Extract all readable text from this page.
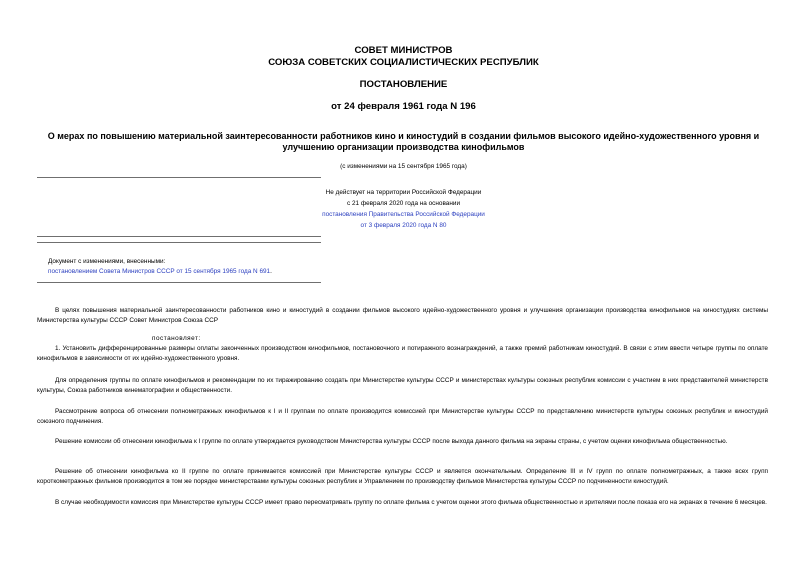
СОВЕТ МИНИСТРОВ
СОЮЗА СОВЕТСКИХ СОЦИАЛИСТИЧЕСКИХ РЕСПУБЛИК
ПОСТАНОВЛЕНИЕ
от 24 февраля 1961 года N 196
О мерах по повышению материальной заинтересованности работников кино и киностудий в создании фильмов высокого идейно-художественного уровня и
улучшению организации производства кинофильмов
(с изменениями на 15 сентября 1965 года)
Не действует на территории Российской Федерации
с 21 февраля 2020 года на основании
постановления Правительства Российской Федерации
от 3 февраля 2020 года N 80
Документ с изменениями, внесенными:
постановлением Совета Министров СССР от 15 сентября 1965 года N 691.
В целях повышения материальной заинтересованности работников кино и киностудий в создании фильмов высокого идейно-художественного уровня и улучшения организации производства кинофильмов на киностудиях системы Министерства культуры СССР Совет Министров Союза ССР
постановляет:
1. Установить дифференцированные размеры оплаты законченных производством кинофильмов, постановочного и потиражного вознаграждений, а также премий работникам киностудий. В связи с этим ввести четыре группы по оплате кинофильмов в зависимости от их идейно-художественного уровня.
Для определения группы по оплате кинофильмов и рекомендации по их тиражированию создать при Министерстве культуры СССР и министерствах культуры союзных республик комиссии с участием в них представителей министерств культуры, Союза работников кинематографии и общественности.
Рассмотрение вопроса об отнесении полнометражных кинофильмов к I и II группам по оплате производится комиссией при Министерстве культуры СССР по представлению министерств культуры союзных республик и киностудий союзного подчинения.
Решение комиссии об отнесении кинофильма к I группе по оплате утверждается руководством Министерства культуры СССР после выхода данного фильма на экраны страны, с учетом оценки кинофильма общественностью.
Решение об отнесении кинофильма ко II группе по оплате принимается комиссией при Министерстве культуры СССР и является окончательным. Определение III и IV групп по оплате полнометражных, а также всех групп короткометражных фильмов производится в том же порядке министерствами культуры союзных республик и Управлением по производству фильмов Министерства культуры СССР по подчиненности киностудий.
В случае необходимости комиссия при Министерстве культуры СССР имеет право пересматривать группу по оплате фильма с учетом оценки этого фильма общественностью и зрителями после показа его на экранах в течение 6 месяцев.
